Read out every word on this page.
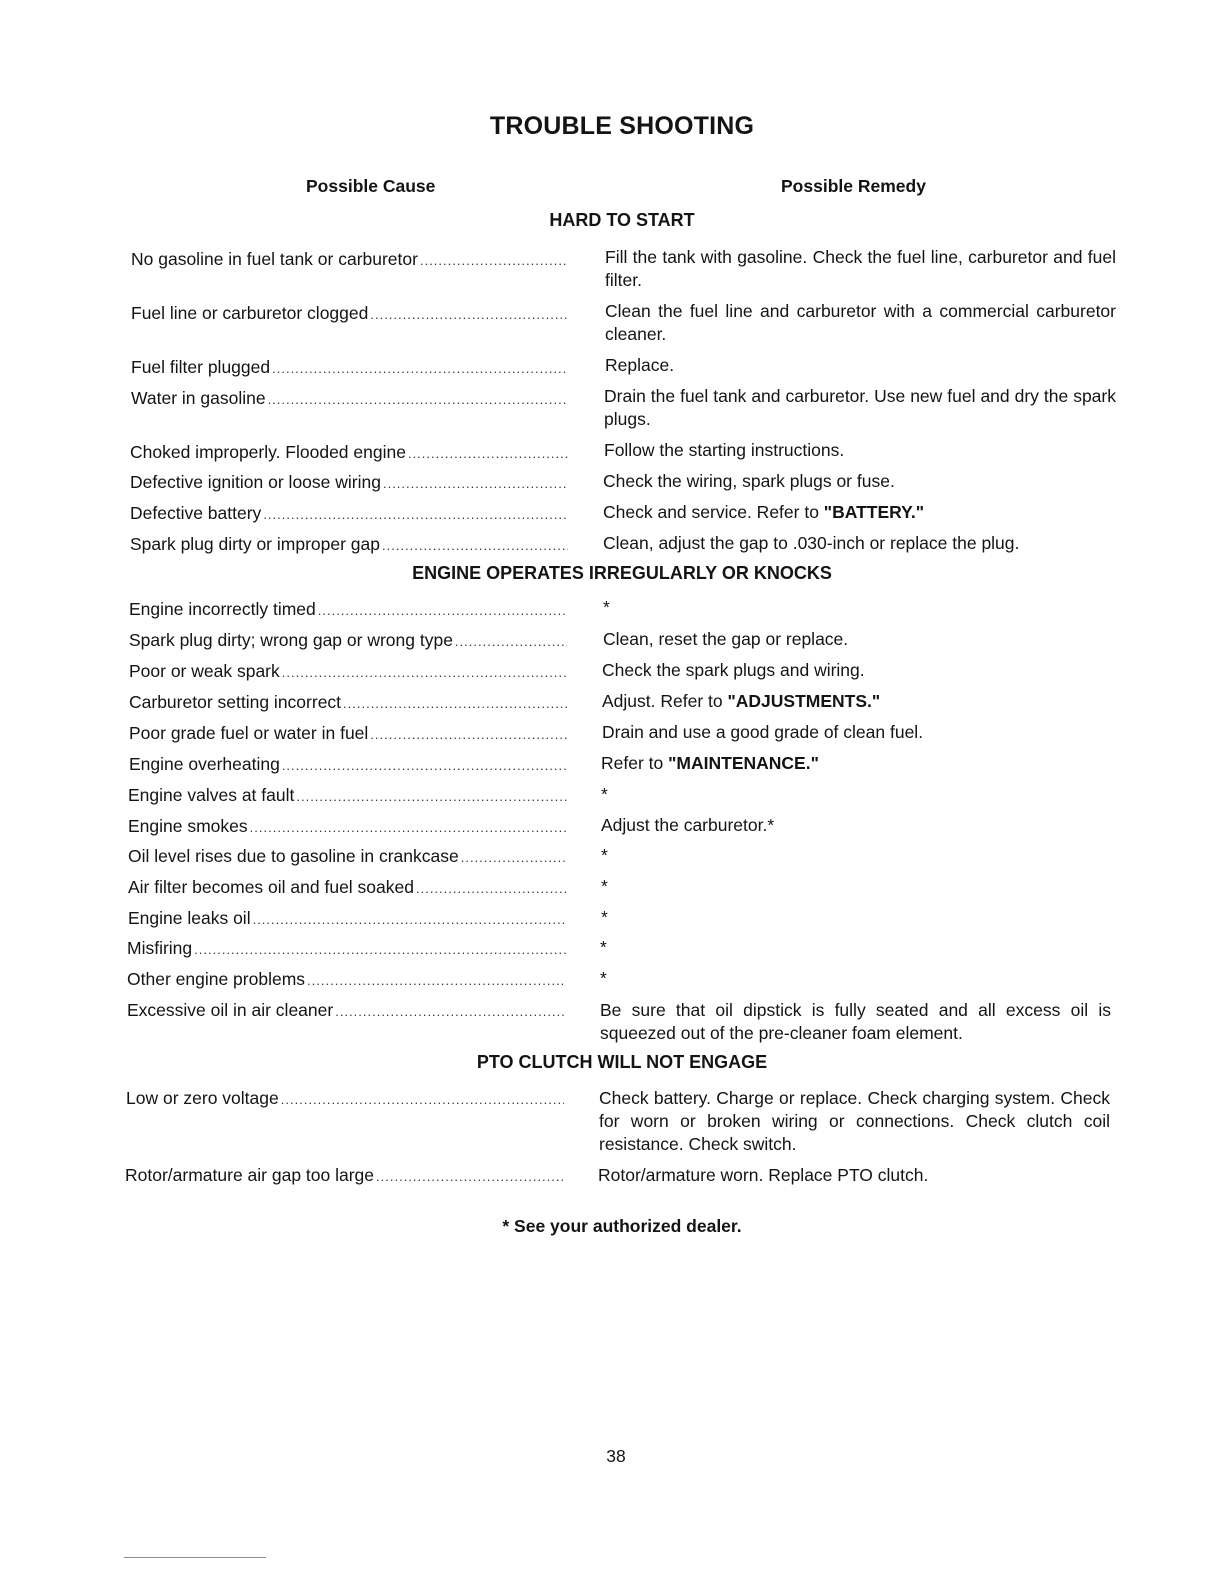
TROUBLE SHOOTING
Possible Cause	Possible Remedy
HARD TO START
No gasoline in fuel tank or carburetor .....	Fill the tank with gasoline. Check the fuel line, carburetor and fuel filter.
Fuel line or carburetor clogged .....	Clean the fuel line and carburetor with a commercial carburetor cleaner.
Fuel filter plugged .....	Replace.
Water in gasoline .....	Drain the fuel tank and carburetor. Use new fuel and dry the spark plugs.
Choked improperly. Flooded engine .....	Follow the starting instructions.
Defective ignition or loose wiring .....	Check the wiring, spark plugs or fuse.
Defective battery .....	Check and service. Refer to "BATTERY."
Spark plug dirty or improper gap .....	Clean, adjust the gap to .030-inch or replace the plug.
ENGINE OPERATES IRREGULARLY OR KNOCKS
Engine incorrectly timed .....	*
Spark plug dirty; wrong gap or wrong type .....	Clean, reset the gap or replace.
Poor or weak spark .....	Check the spark plugs and wiring.
Carburetor setting incorrect .....	Adjust. Refer to "ADJUSTMENTS."
Poor grade fuel or water in fuel .....	Drain and use a good grade of clean fuel.
Engine overheating .....	Refer to "MAINTENANCE."
Engine valves at fault .....	*
Engine smokes .....	Adjust the carburetor.*
Oil level rises due to gasoline in crankcase .....	*
Air filter becomes oil and fuel soaked .....	*
Engine leaks oil .....	*
Misfiring .....	*
Other engine problems .....	*
Excessive oil in air cleaner .....	Be sure that oil dipstick is fully seated and all excess oil is squeezed out of the pre-cleaner foam element.
PTO CLUTCH WILL NOT ENGAGE
Low or zero voltage .....	Check battery. Charge or replace. Check charging system. Check for worn or broken wiring or connections. Check clutch coil resistance. Check switch.
Rotor/armature air gap too large .....	Rotor/armature worn. Replace PTO clutch.
* See your authorized dealer.
38
